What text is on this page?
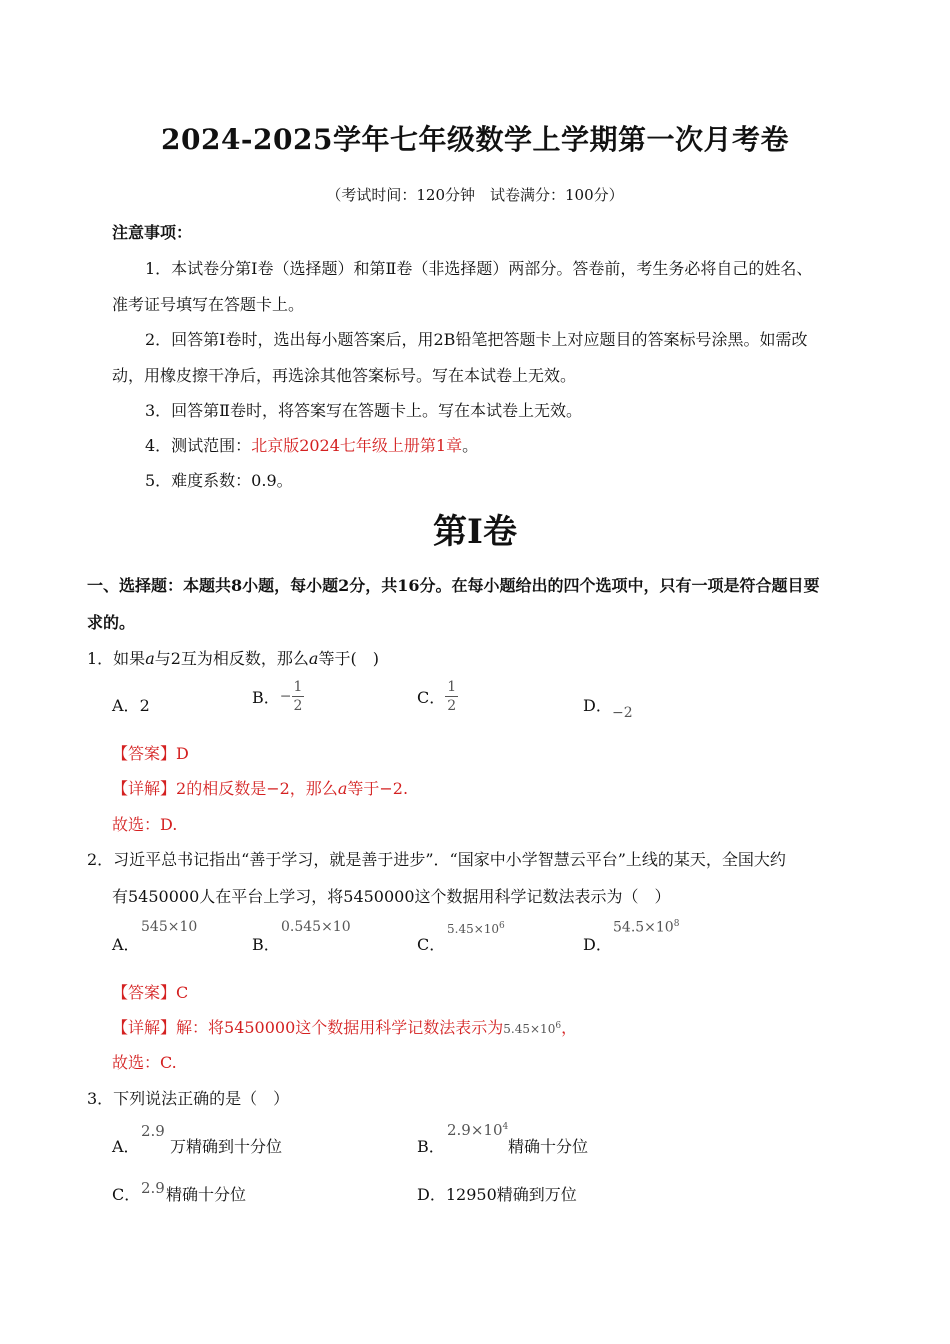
2024-2025学年七年级数学上学期第一次月考卷
（考试时间：120分钟　试卷满分：100分）
注意事项：
1．本试卷分第Ⅰ卷（选择题）和第Ⅱ卷（非选择题）两部分。答卷前，考生务必将自己的姓名、
准考证号填写在答题卡上。
2．回答第Ⅰ卷时，选出每小题答案后，用2B铅笔把答题卡上对应题目的答案标号涂黑。如需改
动，用橡皮擦干净后，再选涂其他答案标号。写在本试卷上无效。
3．回答第Ⅱ卷时，将答案写在答题卡上。写在本试卷上无效。
4．测试范围：北京版2024七年级上册第1章。
5．难度系数：0.9。
第Ⅰ卷
一、选择题：本题共8小题，每小题2分，共16分。在每小题给出的四个选项中，只有一项是符合题目要
求的。
1．如果a与2互为相反数，那么a等于(　)
A．2	B．− $\frac{1}{2}$	C． $\frac{1}{2}$	D． −2
【答案】D
【详解】2的相反数是−2，那么a等于−2.
故选：D.
2．习近平总书记指出“善于学习，就是善于进步”．“国家中小学智慧云平台”上线的某天，全国大约
有5450000人在平台上学习，将5450000这个数据用科学记数法表示为（　）
A．
545×10
B．
0.545×10
C．
$5.45\times 10^6$
D．
$54.5\times 10^8$
【答案】C
【详解】解：将5450000这个数据用科学记数法表示为$5.45\times 10^6$，
故选：C.
3．下列说法正确的是（　）
A．
2.9
万精确到十分位	B．
$2.9\times 10^4$
精确十分位
C． 2.9 精确十分位	D．12950精确到万位
